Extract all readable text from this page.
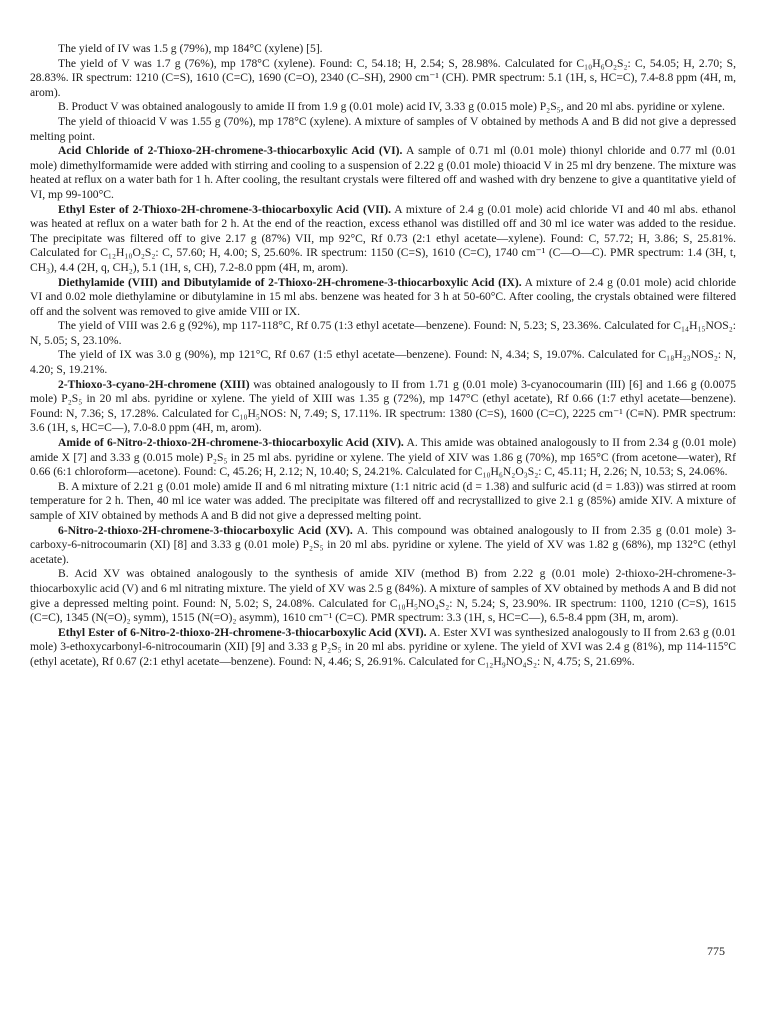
The yield of IV was 1.5 g (79%), mp 184°C (xylene) [5].

The yield of V was 1.7 g (76%), mp 178°C (xylene). Found: C, 54.18; H, 2.54; S, 28.98%. Calculated for C₁₀H₆O₂S₂: C, 54.05; H, 2.70; S, 28.83%. IR spectrum: 1210 (C=S), 1610 (C=C), 1690 (C=O), 2340 (C–SH), 2900 cm⁻¹ (CH). PMR spectrum: 5.1 (1H, s, HC=C), 7.4-8.8 ppm (4H, m, arom).

B. Product V was obtained analogously to amide II from 1.9 g (0.01 mole) acid IV, 3.33 g (0.015 mole) P₂S₅, and 20 ml abs. pyridine or xylene.

The yield of thioacid V was 1.55 g (70%), mp 178°C (xylene). A mixture of samples of V obtained by methods A and B did not give a depressed melting point.

Acid Chloride of 2-Thioxo-2H-chromene-3-thiocarboxylic Acid (VI). A sample of 0.71 ml (0.01 mole) thionyl chloride and 0.77 ml (0.01 mole) dimethylformamide were added with stirring and cooling to a suspension of 2.22 g (0.01 mole) thioacid V in 25 ml dry benzene. The mixture was heated at reflux on a water bath for 1 h. After cooling, the resultant crystals were filtered off and washed with dry benzene to give a quantitative yield of VI, mp 99-100°C.

Ethyl Ester of 2-Thioxo-2H-chromene-3-thiocarboxylic Acid (VII). A mixture of 2.4 g (0.01 mole) acid chloride VI and 40 ml abs. ethanol was heated at reflux on a water bath for 2 h. At the end of the reaction, excess ethanol was distilled off and 30 ml ice water was added to the residue. The precipitate was filtered off to give 2.17 g (87%) VII, mp 92°C, Rf 0.73 (2:1 ethyl acetate—xylene). Found: C, 57.72; H, 3.86; S, 25.81%. Calculated for C₁₂H₁₀O₂S₂: C, 57.60; H, 4.00; S, 25.60%. IR spectrum: 1150 (C=S), 1610 (C=C), 1740 cm⁻¹ (C—O—C). PMR spectrum: 1.4 (3H, t, CH₃), 4.4 (2H, q, CH₂), 5.1 (1H, s, CH), 7.2-8.0 ppm (4H, m, arom).

Diethylamide (VIII) and Dibutylamide of 2-Thioxo-2H-chromene-3-thiocarboxylic Acid (IX). A mixture of 2.4 g (0.01 mole) acid chloride VI and 0.02 mole diethylamine or dibutylamine in 15 ml abs. benzene was heated for 3 h at 50-60°C. After cooling, the crystals obtained were filtered off and the solvent was removed to give amide VIII or IX.

The yield of VIII was 2.6 g (92%), mp 117-118°C, Rf 0.75 (1:3 ethyl acetate—benzene). Found: N, 5.23; S, 23.36%. Calculated for C₁₄H₁₅NOS₂: N, 5.05; S, 23.10%.

The yield of IX was 3.0 g (90%), mp 121°C, Rf 0.67 (1:5 ethyl acetate—benzene). Found: N, 4.34; S, 19.07%. Calculated for C₁₈H₂₃NOS₂: N, 4.20; S, 19.21%.

2-Thioxo-3-cyano-2H-chromene (XIII) was obtained analogously to II from 1.71 g (0.01 mole) 3-cyanocoumarin (III) [6] and 1.66 g (0.0075 mole) P₂S₅ in 20 ml abs. pyridine or xylene. The yield of XIII was 1.35 g (72%), mp 147°C (ethyl acetate), Rf 0.66 (1:7 ethyl acetate—benzene). Found: N, 7.36; S, 17.28%. Calculated for C₁₀H₅NOS: N, 7.49; S, 17.11%. IR spectrum: 1380 (C=S), 1600 (C=C), 2225 cm⁻¹ (C≡N). PMR spectrum: 3.6 (1H, s, HC=C—), 7.0-8.0 ppm (4H, m, arom).

Amide of 6-Nitro-2-thioxo-2H-chromene-3-thiocarboxylic Acid (XIV). A. This amide was obtained analogously to II from 2.34 g (0.01 mole) amide X [7] and 3.33 g (0.015 mole) P₂S₅ in 25 ml abs. pyridine or xylene. The yield of XIV was 1.86 g (70%), mp 165°C (from acetone—water), Rf 0.66 (6:1 chloroform—acetone). Found: C, 45.26; H, 2.12; N, 10.40; S, 24.21%. Calculated for C₁₀H₆N₂O₃S₂: C, 45.11; H, 2.26; N, 10.53; S, 24.06%.

B. A mixture of 2.21 g (0.01 mole) amide II and 6 ml nitrating mixture (1:1 nitric acid (d = 1.38) and sulfuric acid (d = 1.83)) was stirred at room temperature for 2 h. Then, 40 ml ice water was added. The precipitate was filtered off and recrystallized to give 2.1 g (85%) amide XIV. A mixture of sample of XIV obtained by methods A and B did not give a depressed melting point.

6-Nitro-2-thioxo-2H-chromene-3-thiocarboxylic Acid (XV). A. This compound was obtained analogously to II from 2.35 g (0.01 mole) 3-carboxy-6-nitrocoumarin (XI) [8] and 3.33 g (0.01 mole) P₂S₅ in 20 ml abs. pyridine or xylene. The yield of XV was 1.82 g (68%), mp 132°C (ethyl acetate).

B. Acid XV was obtained analogously to the synthesis of amide XIV (method B) from 2.22 g (0.01 mole) 2-thioxo-2H-chromene-3-thiocarboxylic acid (V) and 6 ml nitrating mixture. The yield of XV was 2.5 g (84%). A mixture of samples of XV obtained by methods A and B did not give a depressed melting point. Found: N, 5.02; S, 24.08%. Calculated for C₁₀H₅NO₄S₂: N, 5.24; S, 23.90%. IR spectrum: 1100, 1210 (C=S), 1615 (C=C), 1345 (N(=O)₂ symm), 1515 (N(=O)₂ asymm), 1610 cm⁻¹ (C=C). PMR spectrum: 3.3 (1H, s, HC=C—), 6.5-8.4 ppm (3H, m, arom).

Ethyl Ester of 6-Nitro-2-thioxo-2H-chromene-3-thiocarboxylic Acid (XVI). A. Ester XVI was synthesized analogously to II from 2.63 g (0.01 mole) 3-ethoxycarbonyl-6-nitrocoumarin (XII) [9] and 3.33 g P₂S₅ in 20 ml abs. pyridine or xylene. The yield of XVI was 2.4 g (81%), mp 114-115°C (ethyl acetate), Rf 0.67 (2:1 ethyl acetate—benzene). Found: N, 4.46; S, 26.91%. Calculated for C₁₂H₉NO₄S₂: N, 4.75; S, 21.69%.

775
